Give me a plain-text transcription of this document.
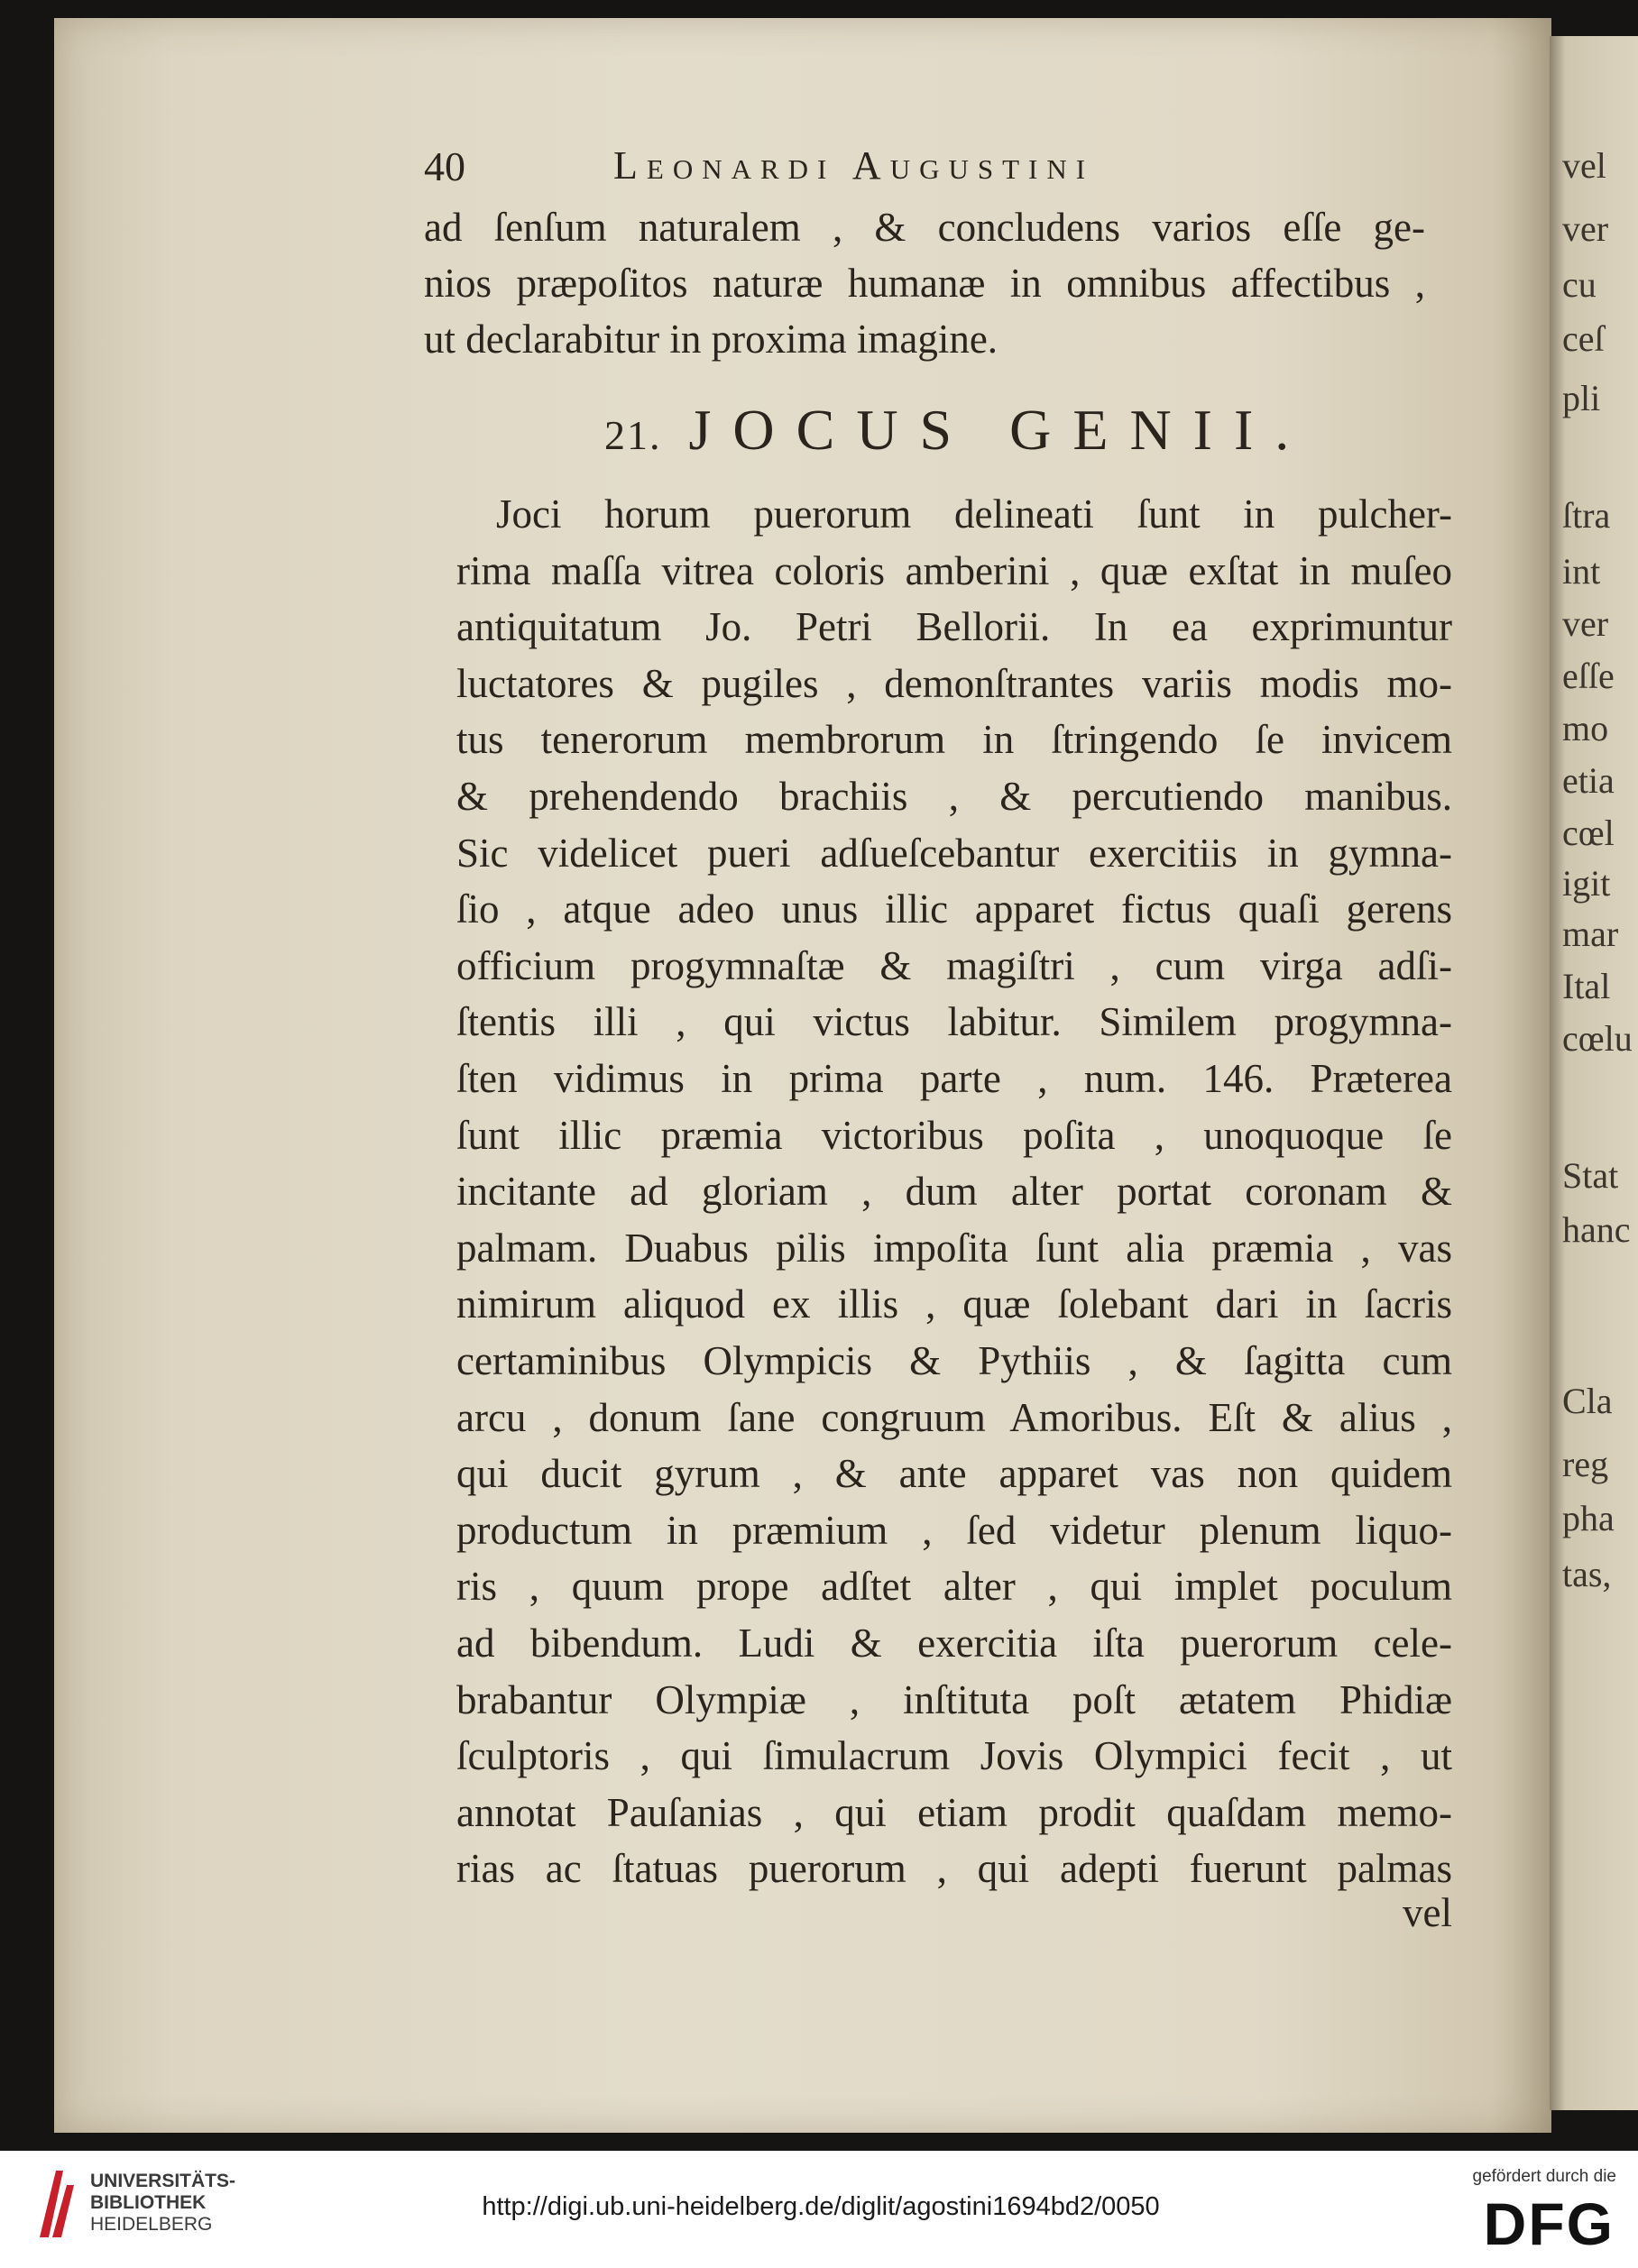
vel
ver
cu
ceſ
pli
ſtra
int
ver
eſſe
mo
etia
cœl
igit
mar
Ital
cœlu
Stat
hanc
Cla
reg
pha
tas,
40	Leonardi Augustini
ad ſenſum naturalem , & concludens varios eſſe ge-
nios præpoſitos naturæ humanæ in omnibus affectibus ,
ut declarabitur in proxima imagine.
21. JOCUS GENII.
Joci horum puerorum delineati ſunt in pulcher-
rima maſſa vitrea coloris amberini , quæ exſtat in muſeo
antiquitatum Jo. Petri Bellorii. In ea exprimuntur
luctatores & pugiles , demonſtrantes variis modis mo-
tus tenerorum membrorum in ſtringendo ſe invicem
& prehendendo brachiis , & percutiendo manibus.
Sic videlicet pueri adſueſcebantur exercitiis in gymna-
ſio , atque adeo unus illic apparet fictus quaſi gerens
officium progymnaſtæ & magiſtri , cum virga adſi-
ſtentis illi , qui victus labitur. Similem progymna-
ſten vidimus in prima parte , num. 146. Præterea
ſunt illic præmia victoribus poſita , unoquoque ſe
incitante ad gloriam , dum alter portat coronam &
palmam. Duabus pilis impoſita ſunt alia præmia , vas
nimirum aliquod ex illis , quæ ſolebant dari in ſacris
certaminibus Olympicis & Pythiis , & ſagitta cum
arcu , donum ſane congruum Amoribus. Eſt & alius ,
qui ducit gyrum , & ante apparet vas non quidem
productum in præmium , ſed videtur plenum liquo-
ris , quum prope adſtet alter , qui implet poculum
ad bibendum. Ludi & exercitia iſta puerorum cele-
brabantur Olympiæ , inſtituta poſt ætatem Phidiæ
ſculptoris , qui ſimulacrum Jovis Olympici fecit , ut
annotat Pauſanias , qui etiam prodit quaſdam memo-
rias ac ſtatuas puerorum , qui adepti fuerunt palmas
vel
UNIVERSITÄTS-
BIBLIOTHEK
HEIDELBERG
http://digi.ub.uni-heidelberg.de/diglit/agostini1694bd2/0050
gefördert durch die
DFG
